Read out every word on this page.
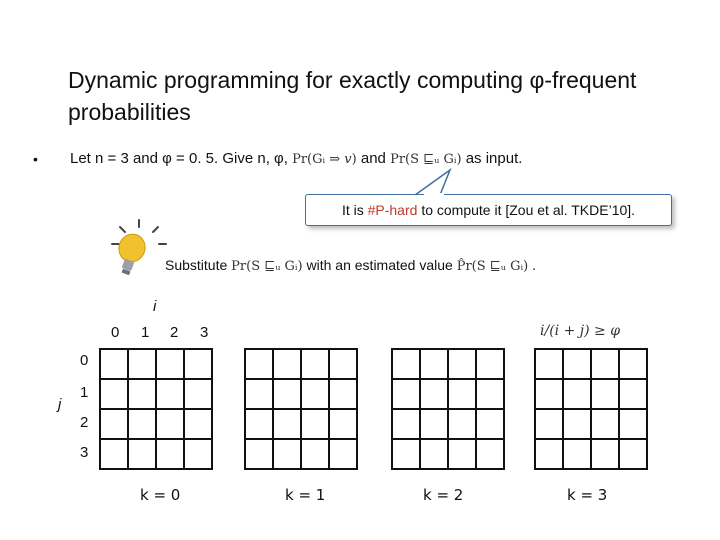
Dynamic programming for exactly computing φ-frequent probabilities
• Let n = 3 and φ = 0. 5. Give n, φ, Pr(Gᵢ ⇒ 𝑣) and Pr(S ⊑ᵤ Gᵢ) as input.
It is #P-hard to compute it [Zou et al. TKDE’10].
Substitute Pr(S ⊑ᵤ Gᵢ) with an estimated value P̂r(S ⊑ᵤ Gᵢ) .
i
j
0 1 2 3
0
1
2
3
i/(i + j) ≥ φ

k = 0	k = 1	k = 2	k = 3
